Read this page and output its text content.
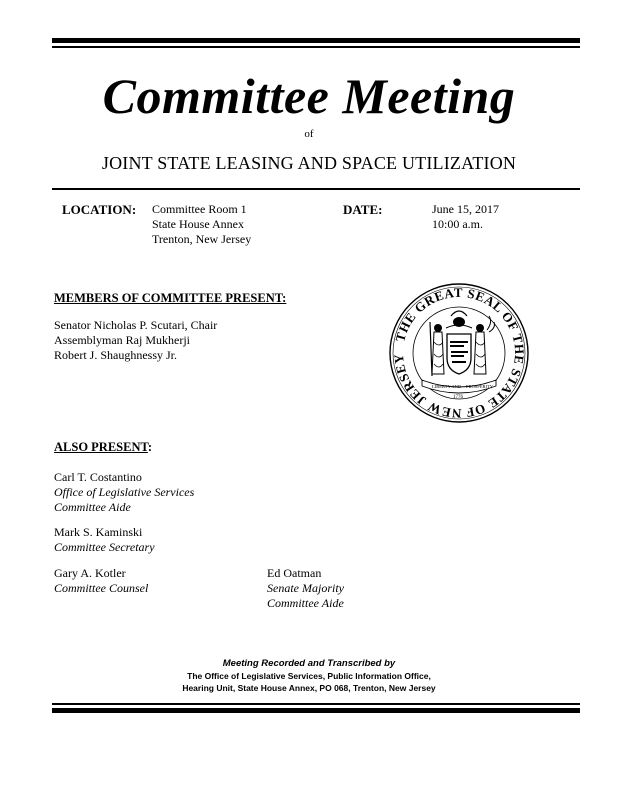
Committee Meeting
of
JOINT STATE LEASING AND SPACE UTILIZATION
LOCATION: Committee Room 1
State House Annex
Trenton, New Jersey
DATE:	June 15, 2017
10:00 a.m.
MEMBERS OF COMMITTEE PRESENT:
Senator Nicholas P. Scutari, Chair
Assemblyman Raj Mukherji
Robert J. Shaughnessy Jr.
THE GREAT SEAL OF THE STATE OF NEW JERSEY
LIBERTY AND PROSPERITY
1776
ALSO PRESENT:
Carl T. Costantino
Office of Legislative Services
Committee Aide
Mark S. Kaminski
Committee Secretary
Gary A. Kotler
Committee Counsel
Ed Oatman
Senate Majority
Committee Aide
Meeting Recorded and Transcribed by
The Office of Legislative Services, Public Information Office,
Hearing Unit, State House Annex, PO 068, Trenton, New Jersey
